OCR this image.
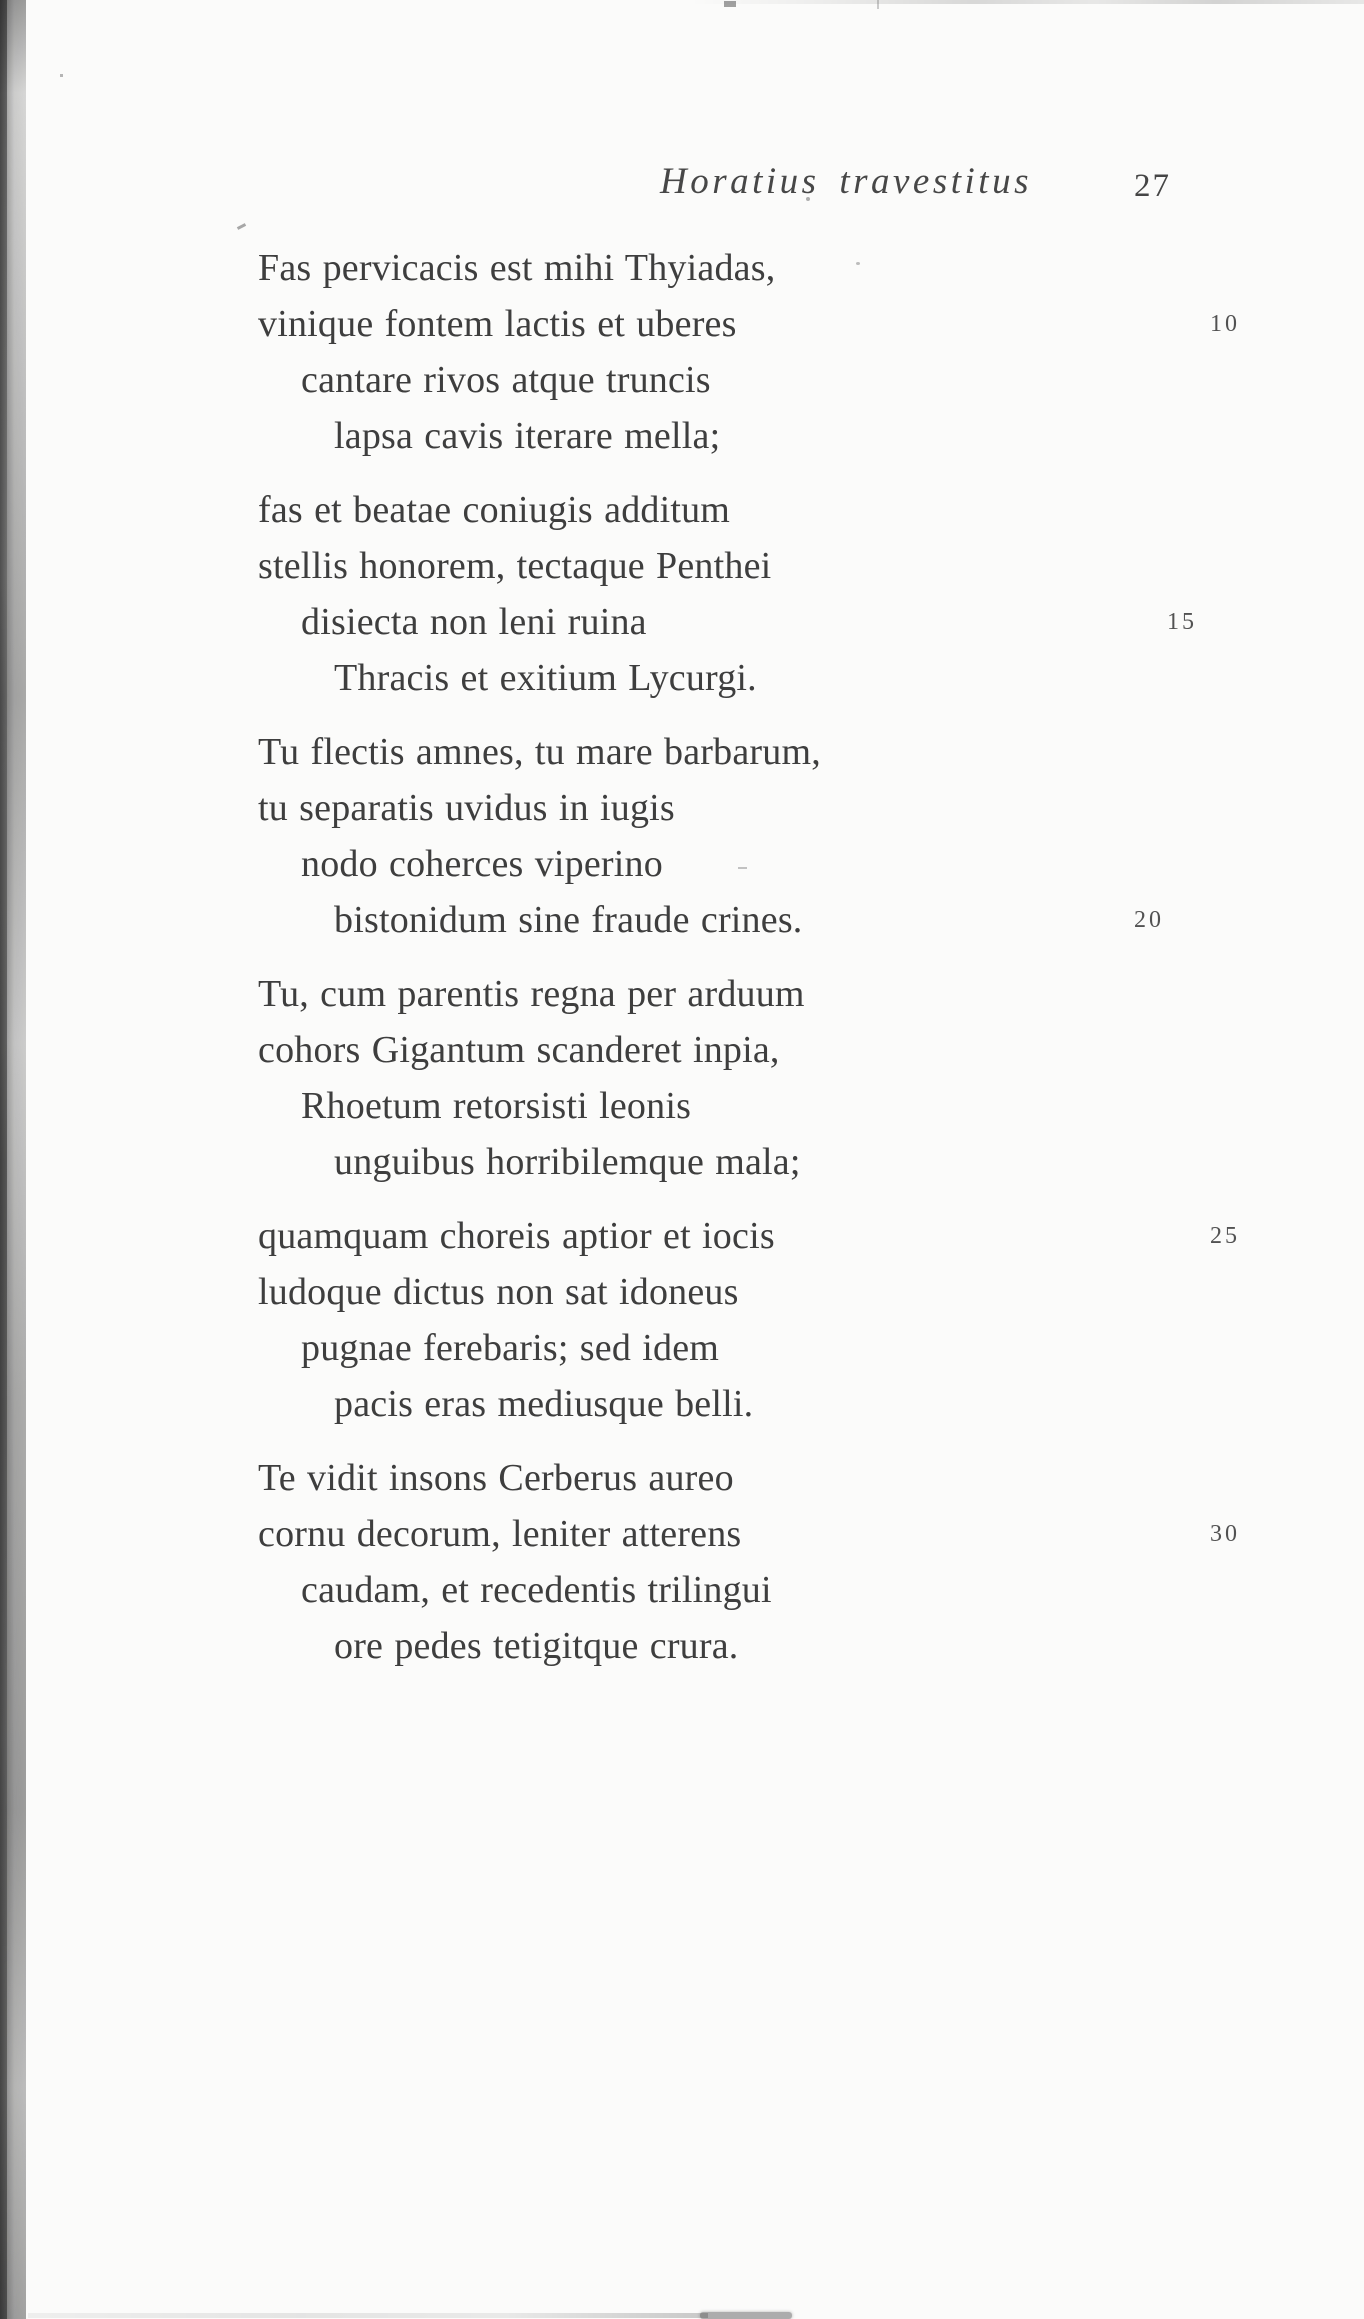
Horatius travestitus	27
Fas pervicacis est mihi Thyiadas,
vinique fontem lactis et uberes	10
cantare rivos atque truncis
lapsa cavis iterare mella;
fas et beatae coniugis additum
stellis honorem, tectaque Penthei
disiecta non leni ruina	15
Thracis et exitium Lycurgi.
Tu flectis amnes, tu mare barbarum,
tu separatis uvidus in iugis
nodo coherces viperino
bistonidum sine fraude crines.	20
Tu, cum parentis regna per arduum
cohors Gigantum scanderet inpia,
Rhoetum retorsisti leonis
unguibus horribilemque mala;
quamquam choreis aptior et iocis	25
ludoque dictus non sat idoneus
pugnae ferebaris; sed idem
pacis eras mediusque belli.
Te vidit insons Cerberus aureo
cornu decorum, leniter atterens	30
caudam, et recedentis trilingui
ore pedes tetigitque crura.
